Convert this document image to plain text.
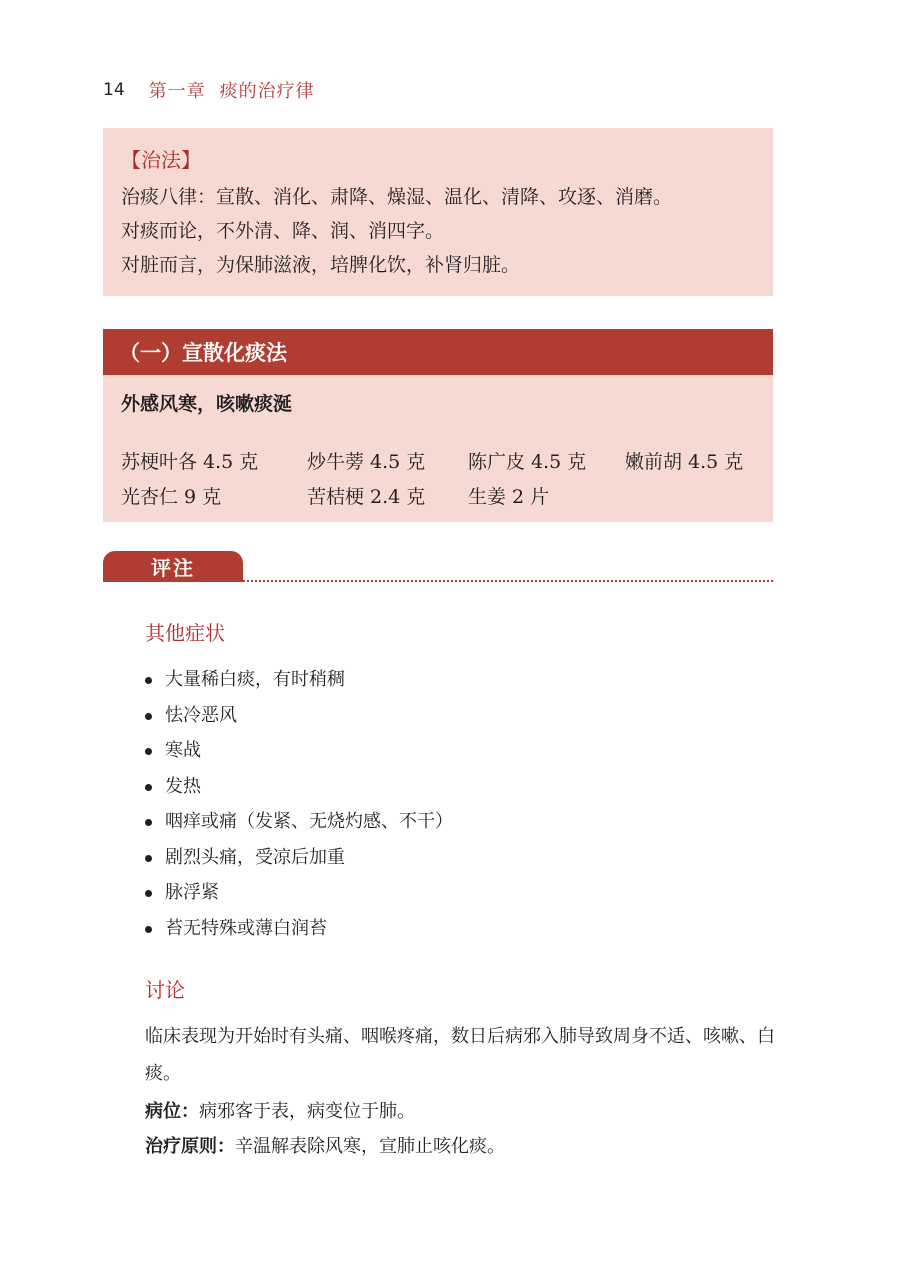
14 第一章 痰的治疗律
【治法】
治痰八律：宣散、消化、肃降、燥湿、温化、清降、攻逐、消磨。
对痰而论，不外清、降、润、消四字。
对脏而言，为保肺滋液，培脾化饮，补肾归脏。
（一）宣散化痰法
外感风寒，咳嗽痰涎
苏梗叶各 4.5 克	炒牛蒡 4.5 克 陈广皮 4.5 克 嫩前胡 4.5 克
光杏仁 9 克	苦桔梗 2.4 克 生姜 2 片
评注
其他症状
大量稀白痰，有时稍稠
怯冷恶风
寒战
发热
咽痒或痛（发紧、无烧灼感、不干）
剧烈头痛，受凉后加重
脉浮紧
苔无特殊或薄白润苔
讨论
临床表现为开始时有头痛、咽喉疼痛，数日后病邪入肺导致周身不适、咳嗽、白痰。
病位：病邪客于表，病变位于肺。
治疗原则：辛温解表除风寒，宣肺止咳化痰。
